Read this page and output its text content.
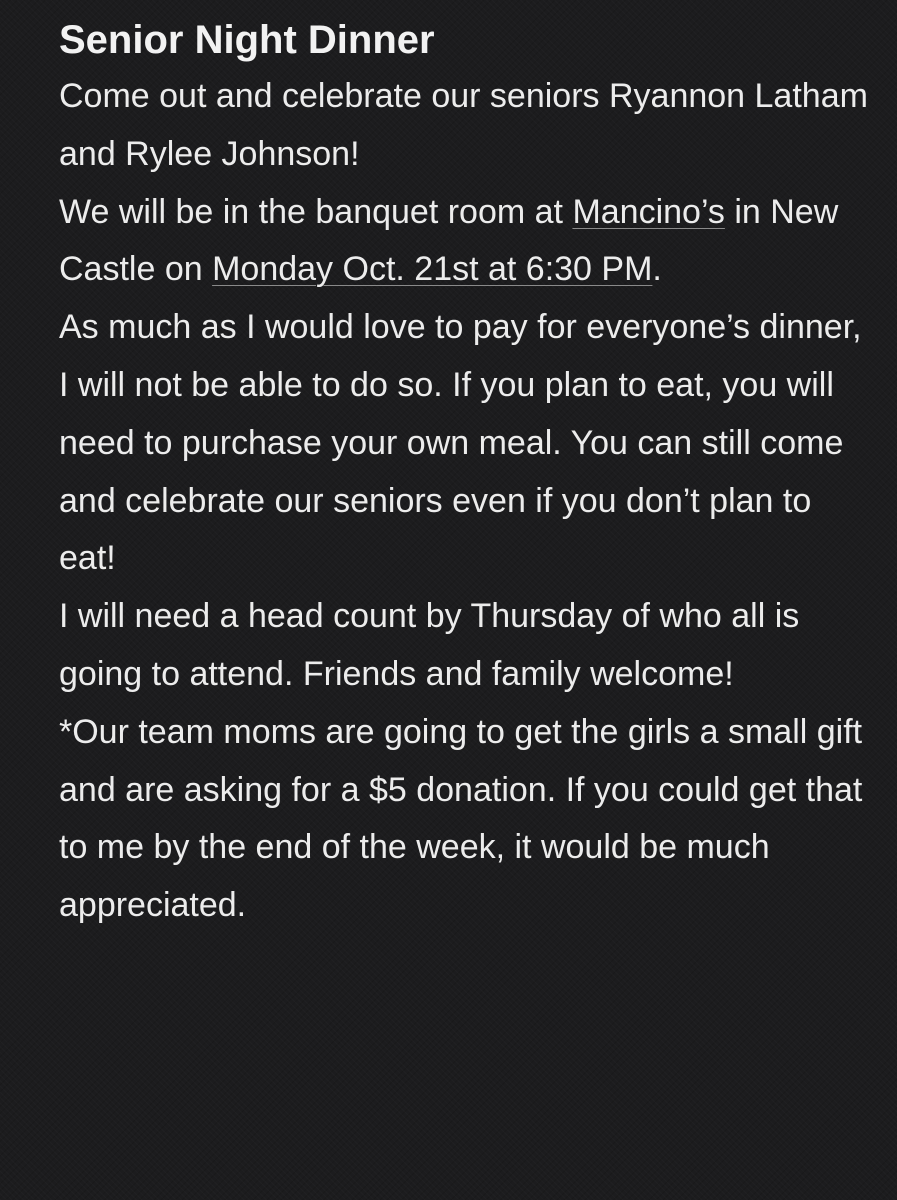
Senior Night Dinner
Come out and celebrate our seniors Ryannon Latham and Rylee Johnson!
We will be in the banquet room at Mancino’s in New Castle on Monday Oct. 21st at 6:30 PM.
As much as I would love to pay for everyone’s dinner, I will not be able to do so. If you plan to eat, you will need to purchase your own meal. You can still come and celebrate our seniors even if you don’t plan to eat!
I will need a head count by Thursday of who all is going to attend. Friends and family welcome!
*Our team moms are going to get the girls a small gift and are asking for a $5 donation. If you could get that to me by the end of the week, it would be much appreciated.
